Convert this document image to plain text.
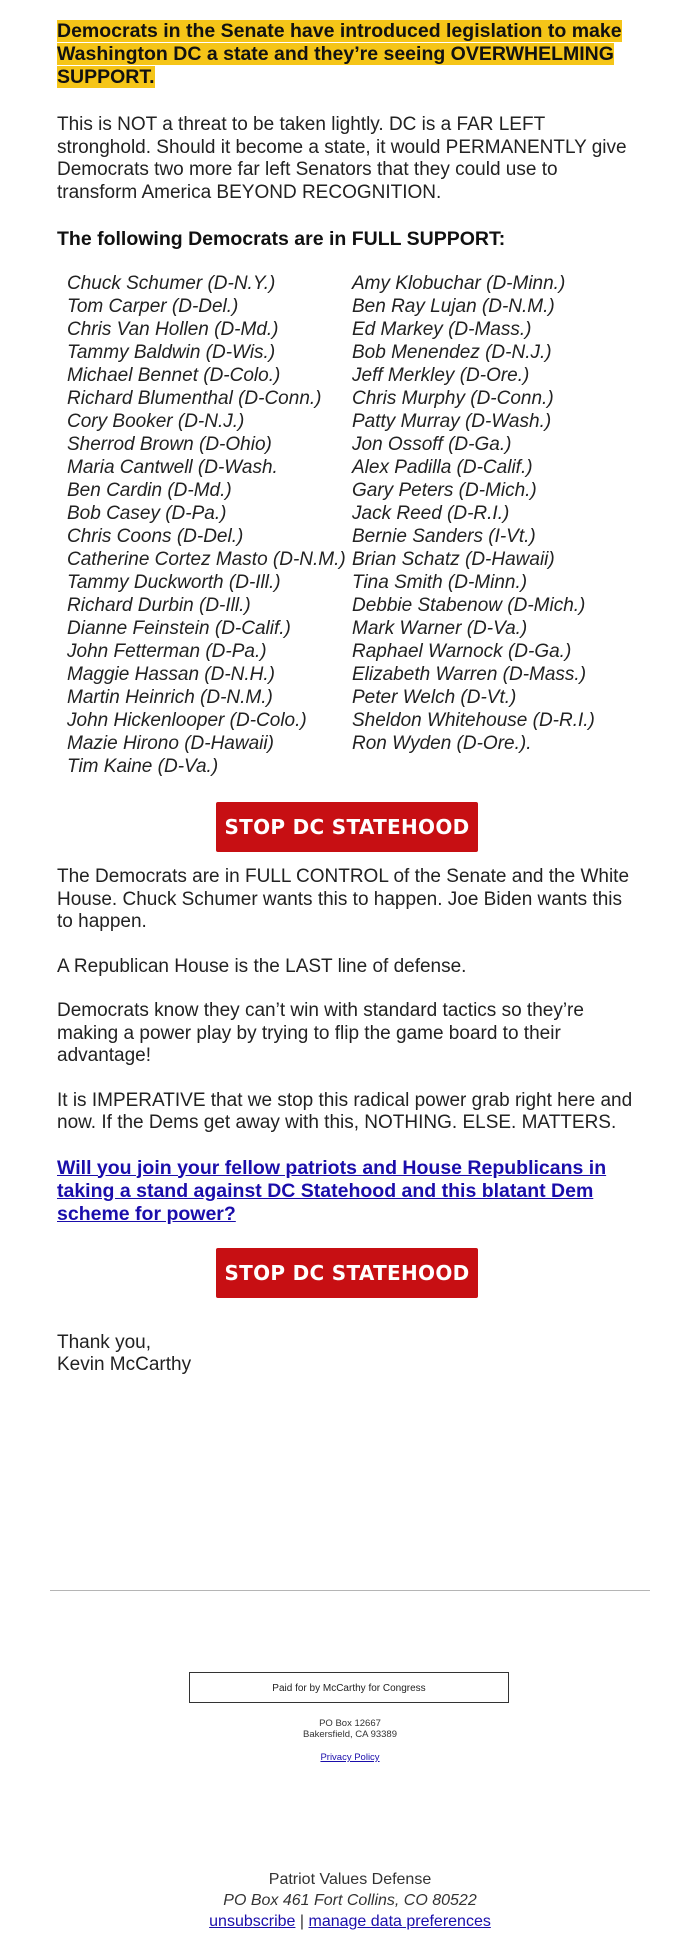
Democrats in the Senate have introduced legislation to make Washington DC a state and they’re seeing OVERWHELMING SUPPORT.

This is NOT a threat to be taken lightly. DC is a FAR LEFT stronghold. Should it become a state, it would PERMANENTLY give Democrats two more far left Senators that they could use to transform America BEYOND RECOGNITION.

The following Democrats are in FULL SUPPORT:

Chuck Schumer (D-N.Y.)
Tom Carper (D-Del.)
Chris Van Hollen (D-Md.)
Tammy Baldwin (D-Wis.)
Michael Bennet (D-Colo.)
Richard Blumenthal (D-Conn.)
Cory Booker (D-N.J.)
Sherrod Brown (D-Ohio)
Maria Cantwell (D-Wash.
Ben Cardin (D-Md.)
Bob Casey (D-Pa.)
Chris Coons (D-Del.)
Catherine Cortez Masto (D-N.M.)
Tammy Duckworth (D-Ill.)
Richard Durbin (D-Ill.)
Dianne Feinstein (D-Calif.)
John Fetterman (D-Pa.)
Maggie Hassan (D-N.H.)
Martin Heinrich (D-N.M.)
John Hickenlooper (D-Colo.)
Mazie Hirono (D-Hawaii)
Tim Kaine (D-Va.)
Amy Klobuchar (D-Minn.)
Ben Ray Lujan (D-N.M.)
Ed Markey (D-Mass.)
Bob Menendez (D-N.J.)
Jeff Merkley (D-Ore.)
Chris Murphy (D-Conn.)
Patty Murray (D-Wash.)
Jon Ossoff (D-Ga.)
Alex Padilla (D-Calif.)
Gary Peters (D-Mich.)
Jack Reed (D-R.I.)
Bernie Sanders (I-Vt.)
Brian Schatz (D-Hawaii)
Tina Smith (D-Minn.)
Debbie Stabenow (D-Mich.)
Mark Warner (D-Va.)
Raphael Warnock (D-Ga.)
Elizabeth Warren (D-Mass.)
Peter Welch (D-Vt.)
Sheldon Whitehouse (D-R.I.)
Ron Wyden (D-Ore.).
STOP DC STATEHOOD

The Democrats are in FULL CONTROL of the Senate and the White House. Chuck Schumer wants this to happen. Joe Biden wants this to happen.

A Republican House is the LAST line of defense.

Democrats know they can’t win with standard tactics so they’re making a power play by trying to flip the game board to their advantage!

It is IMPERATIVE that we stop this radical power grab right here and now. If the Dems get away with this, NOTHING. ELSE. MATTERS.

Will you join your fellow patriots and House Republicans in taking a stand against DC Statehood and this blatant Dem scheme for power?
STOP DC STATEHOOD

Thank you,

Kevin McCarthy

Paid for by McCarthy for Congress
PO Box 12667
Bakersfield, CA 93389
Privacy Policy
Patriot Values Defense
PO Box 461 Fort Collins, CO 80522
unsubscribe | manage data preferences
